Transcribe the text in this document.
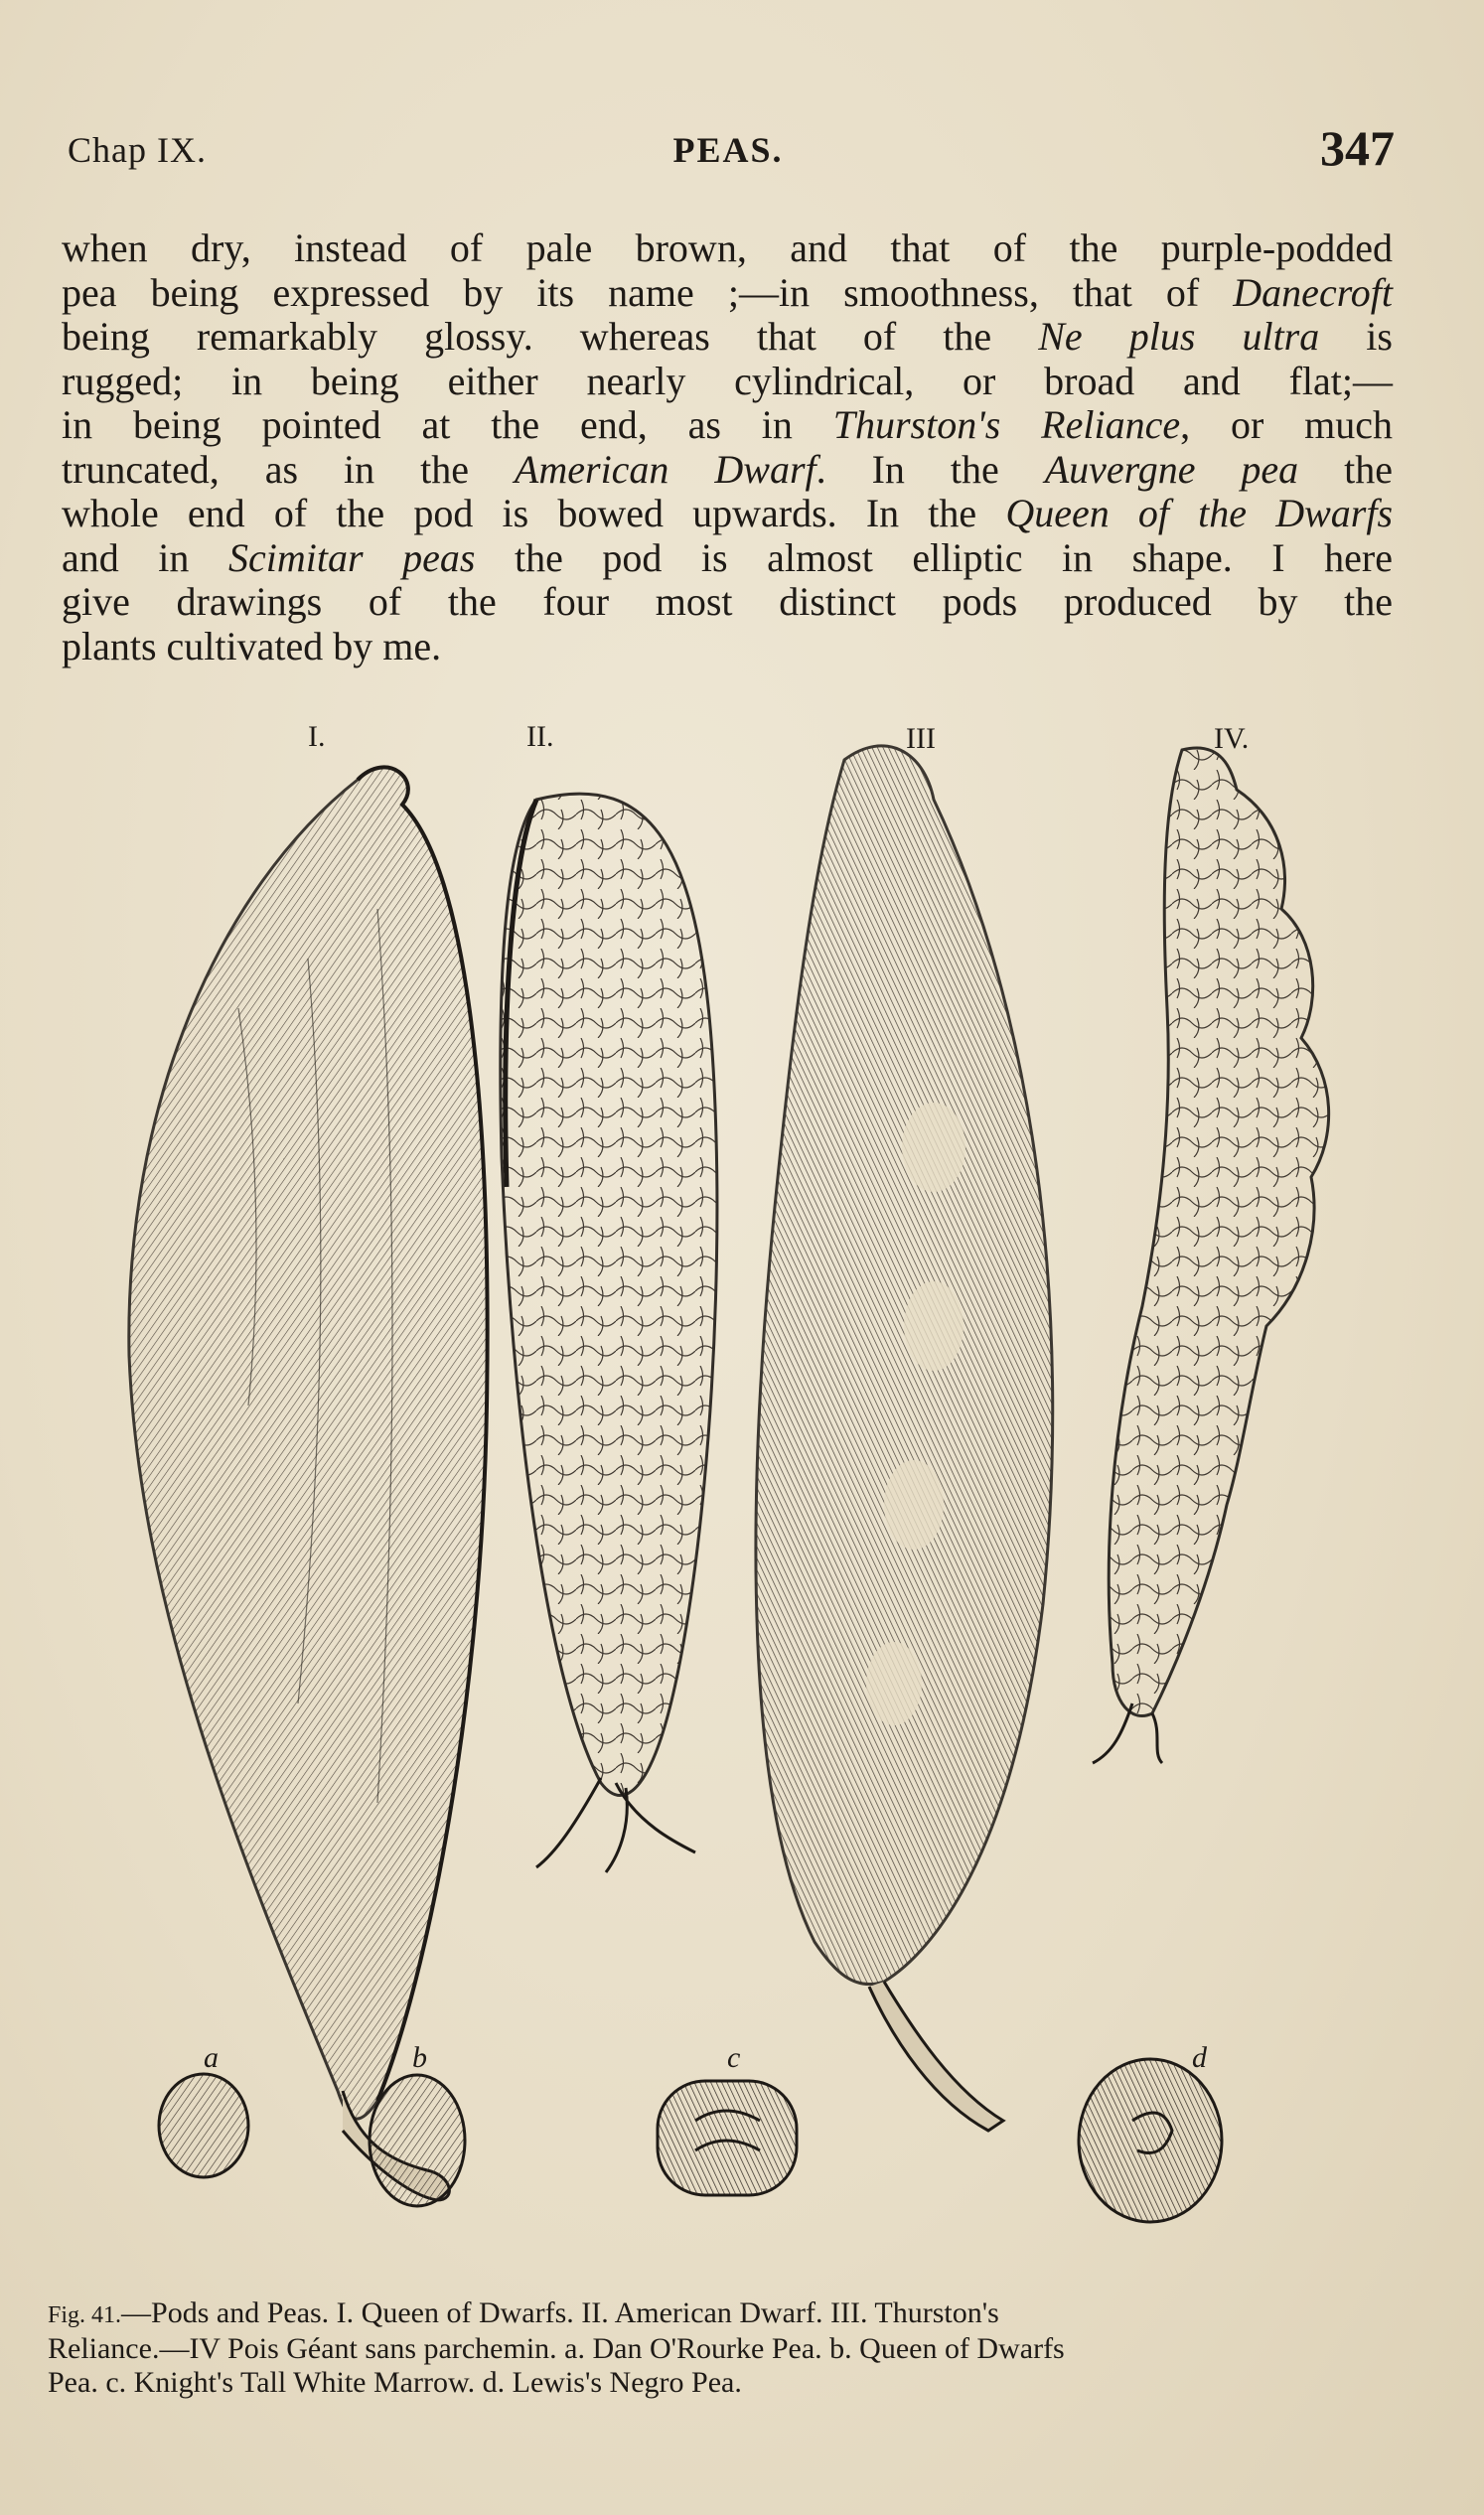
Chap IX.	PEAS.	347
when dry, instead of pale brown, and that of the purple-podded
pea being expressed by its name ;—in smoothness, that of Danecroft
being remarkably glossy. whereas that of the Ne plus ultra is
rugged; in being either nearly cylindrical, or broad and flat;—
in being pointed at the end, as in Thurston's Reliance, or much
truncated, as in the American Dwarf. In the Auvergne pea the
whole end of the pod is bowed upwards. In the Queen of the Dwarfs
and in Scimitar peas the pod is almost elliptic in shape. I here
give drawings of the four most distinct pods produced by the
plants cultivated by me.
I.	II.	III	IV.
a	b	c	d
Fig. 41.—Pods and Peas. I. Queen of Dwarfs. II. American Dwarf. III. Thurston's
Reliance.—IV Pois Géant sans parchemin. a. Dan O'Rourke Pea. b. Queen of Dwarfs
Pea. c. Knight's Tall White Marrow. d. Lewis's Negro Pea.
